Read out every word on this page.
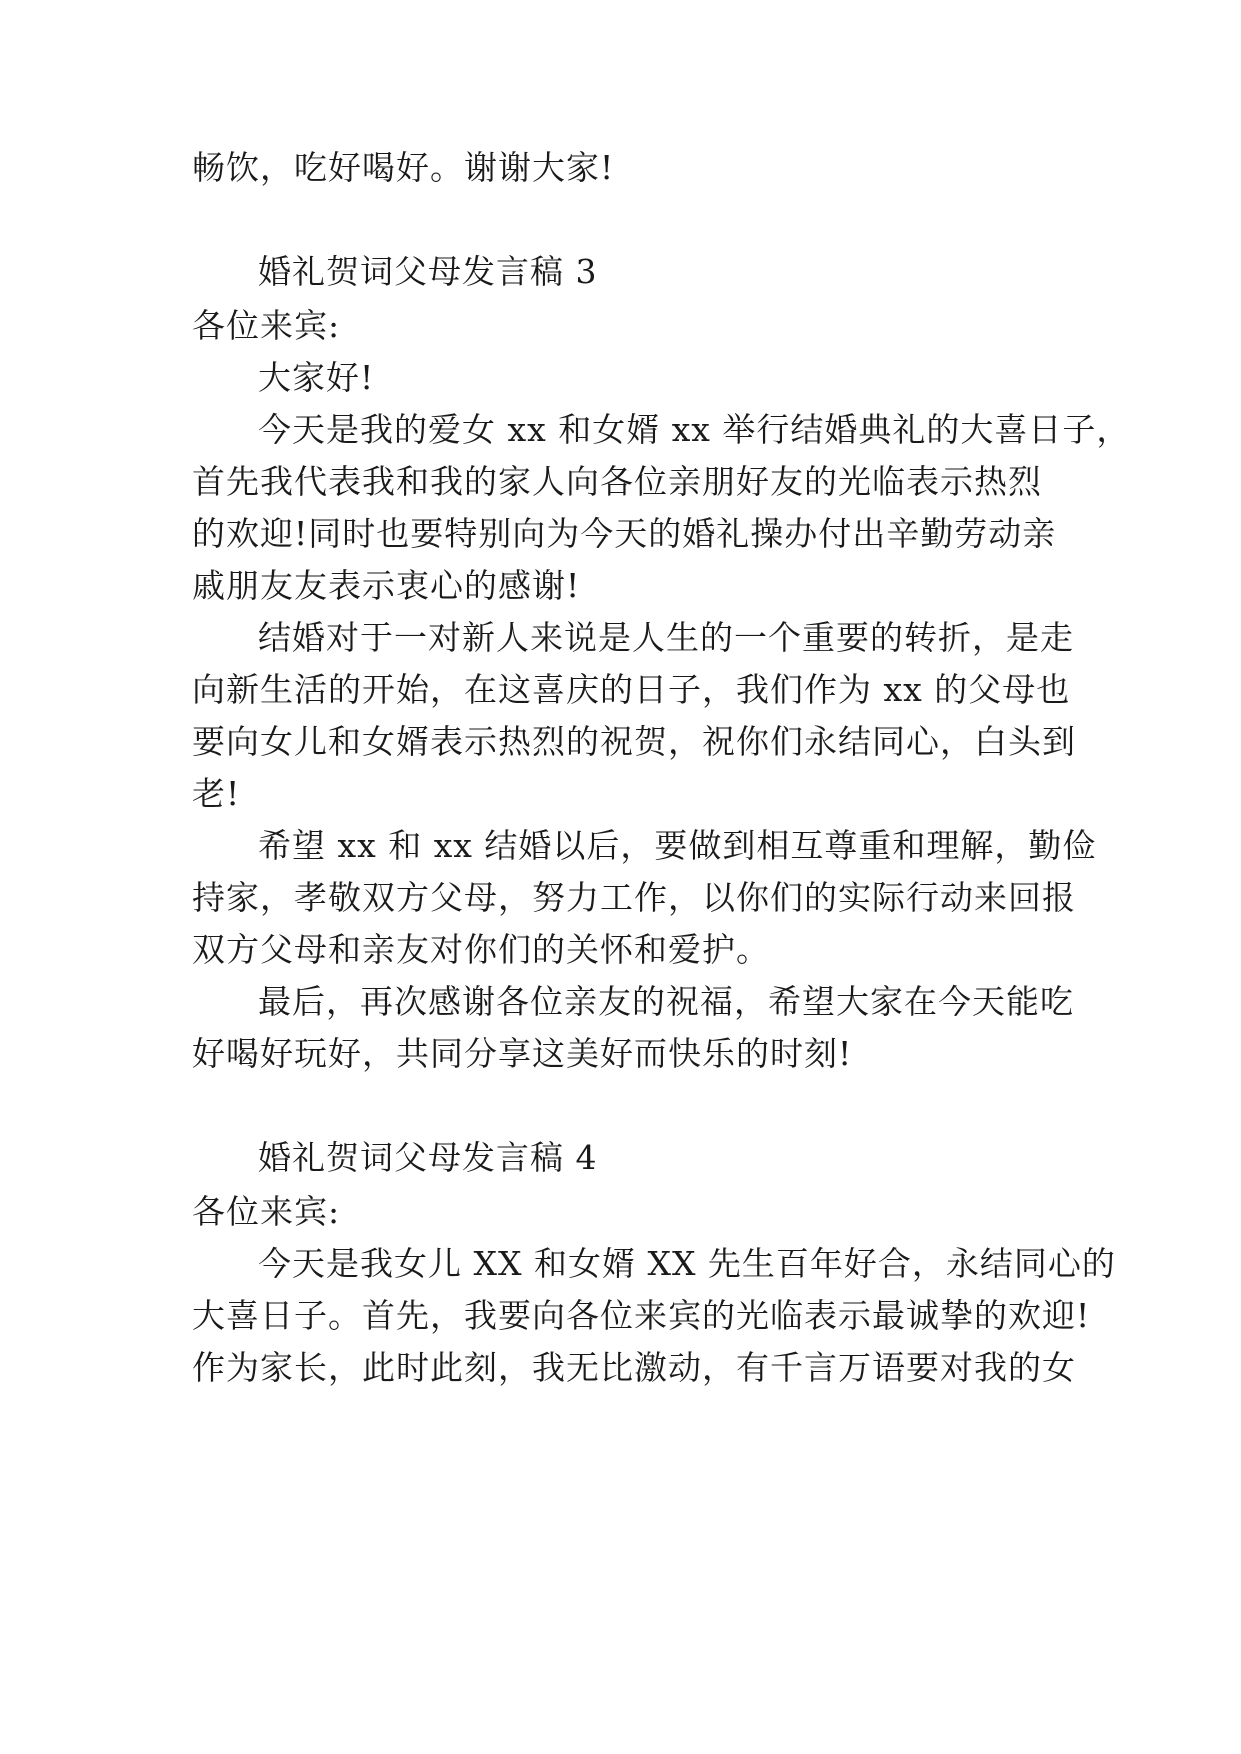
畅饮，吃好喝好。谢谢大家!
婚礼贺词父母发言稿 3
各位来宾:
大家好!
今天是我的爱女 xx 和女婿 xx 举行结婚典礼的大喜日子，
首先我代表我和我的家人向各位亲朋好友的光临表示热烈
的欢迎!同时也要特别向为今天的婚礼操办付出辛勤劳动亲
戚朋友友表示衷心的感谢!
结婚对于一对新人来说是人生的一个重要的转折，是走
向新生活的开始，在这喜庆的日子，我们作为 xx 的父母也
要向女儿和女婿表示热烈的祝贺，祝你们永结同心，白头到
老!
希望 xx 和 xx 结婚以后，要做到相互尊重和理解，勤俭
持家，孝敬双方父母，努力工作，以你们的实际行动来回报
双方父母和亲友对你们的关怀和爱护。
最后，再次感谢各位亲友的祝福，希望大家在今天能吃
好喝好玩好，共同分享这美好而快乐的时刻!
婚礼贺词父母发言稿 4
各位来宾:
今天是我女儿 XX 和女婿 XX 先生百年好合，永结同心的
大喜日子。首先，我要向各位来宾的光临表示最诚挚的欢迎!
作为家长，此时此刻，我无比激动，有千言万语要对我的女
